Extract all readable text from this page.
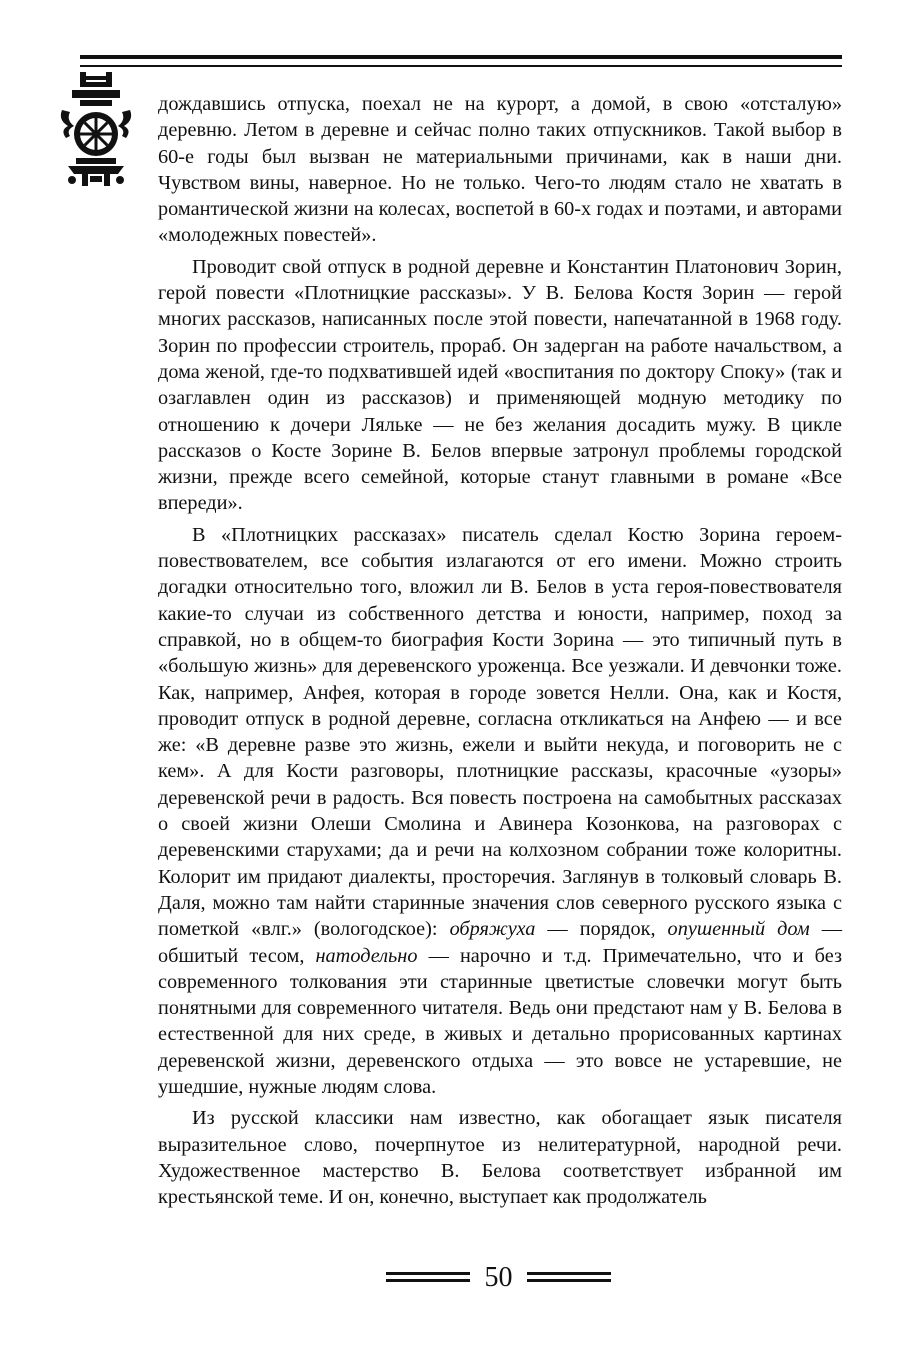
дождавшись отпуска, поехал не на курорт, а домой, в свою «отсталую» деревню. Летом в деревне и сейчас полно таких отпускников. Такой выбор в 60-е годы был вызван не материальными причинами, как в наши дни. Чувством вины, наверное. Но не только. Чего-то людям стало не хватать в романтической жизни на колесах, воспетой в 60-х годах и поэтами, и авторами «молодежных повестей».

Проводит свой отпуск в родной деревне и Константин Платонович Зорин, герой повести «Плотницкие рассказы». У В. Белова Костя Зорин — герой многих рассказов, написанных после этой повести, напечатанной в 1968 году. Зорин по профессии строитель, прораб. Он задерган на работе начальством, а дома женой, где-то подхватившей идей «воспитания по доктору Споку» (так и озаглавлен один из рассказов) и применяющей модную методику по отношению к дочери Ляльке — не без желания досадить мужу. В цикле рассказов о Косте Зорине В. Белов впервые затронул проблемы городской жизни, прежде всего семейной, которые станут главными в романе «Все впереди».

В «Плотницких рассказах» писатель сделал Костю Зорина героем-повествователем, все события излагаются от его имени. Можно строить догадки относительно того, вложил ли В. Белов в уста героя-повествователя какие-то случаи из собственного детства и юности, например, поход за справкой, но в общем-то биография Кости Зорина — это типичный путь в «большую жизнь» для деревенского уроженца. Все уезжали. И девчонки тоже. Как, например, Анфея, которая в городе зовется Нелли. Она, как и Костя, проводит отпуск в родной деревне, согласна откликаться на Анфею — и все же: «В деревне разве это жизнь, ежели и выйти некуда, и поговорить не с кем». А для Кости разговоры, плотницкие рассказы, красочные «узоры» деревенской речи в радость. Вся повесть построена на самобытных рассказах о своей жизни Олеши Смолина и Авинера Козонкова, на разговорах с деревенскими старухами; да и речи на колхозном собрании тоже колоритны. Колорит им придают диалекты, просторечия. Заглянув в толковый словарь В. Даля, можно там найти старинные значения слов северного русского языка с пометкой «влг.» (вологодское): обряжуха — порядок, опушенный дом — обшитый тесом, натодельно — нарочно и т.д. Примечательно, что и без современного толкования эти старинные цветистые словечки могут быть понятными для современного читателя. Ведь они предстают нам у В. Белова в естественной для них среде, в живых и детально прорисованных картинах деревенской жизни, деревенского отдыха — это вовсе не устаревшие, не ушедшие, нужные людям слова.

Из русской классики нам известно, как обогащает язык писателя выразительное слово, почерпнутое из нелитературной, народной речи. Художественное мастерство В. Белова соответствует избранной им крестьянской теме. И он, конечно, выступает как продолжатель

50
